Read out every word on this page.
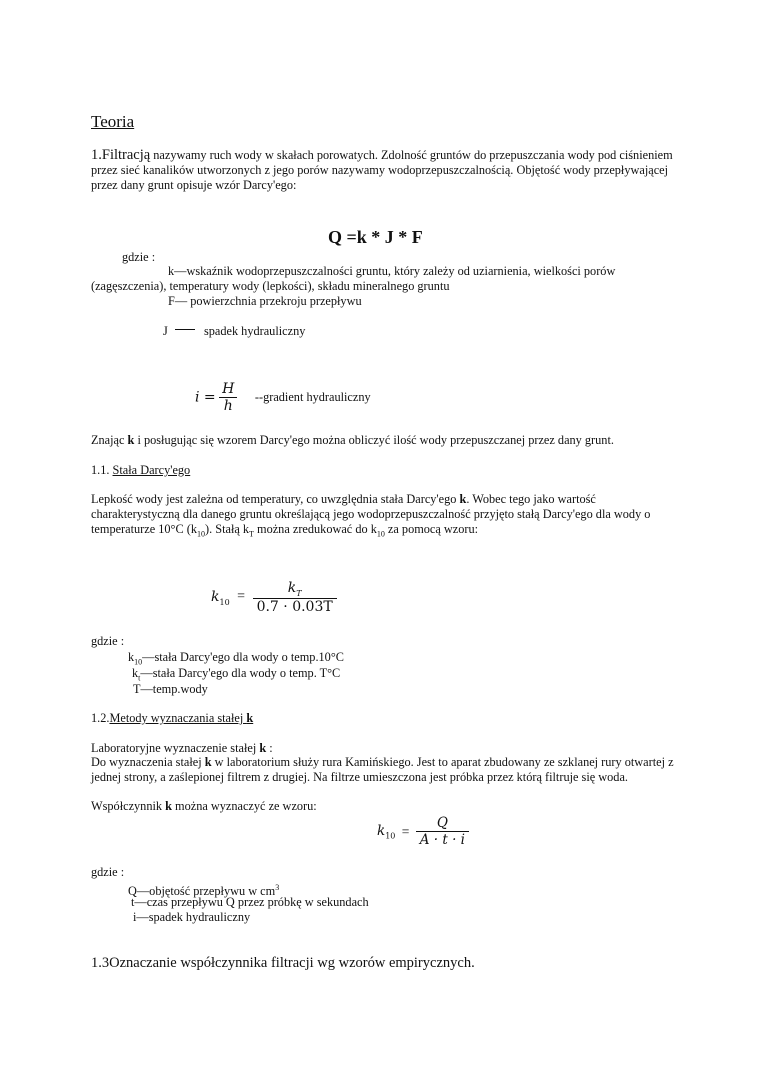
Teoria
1.Filtracją nazywamy ruch wody w skałach porowatych. Zdolność gruntów do przepuszczania wody pod ciśnieniem przez sieć kanalików utworzonych z jego porów nazywamy wodoprzepuszczalnością. Objętość wody przepływającej przez dany grunt opisuje wzór Darcy'ego:
Q =k * J * F
gdzie :
k—wskaźnik wodoprzepuszczalności gruntu, który zależy od uziarnienia, wielkości porów
(zagęszczenia), temperatury wody (lepkości), składu mineralnego gruntu
F— powierzchnia przekroju przepływu
J	spadek hydrauliczny
$i = \frac{H}{h}$ --gradient hydrauliczny
Znając k i posługując się wzorem Darcy'ego można obliczyć ilość wody przepuszczanej przez dany grunt.
1.1. Stała Darcy'ego
Lepkość wody jest zależna od temperatury, co uwzględnia stała Darcy'ego k. Wobec tego jako wartość charakterystyczną dla danego gruntu określającą jego wodoprzepuszczalność przyjęto stałą Darcy'ego dla wody o temperaturze 10°C $(k_{10})$. Stałą $k_T$ można zredukować do $k_{10}$ za pomocą wzoru:
$k_{10} = \frac{k_T}{0.7 \cdot 0.03T}$
gdzie :
$k_{10}—stała$ Darcy'ego dla wody o temp.10°C
$k_t—stała$ Darcy'ego dla wody o temp. T°C
T—temp.wody
1.2.Metody wyznaczania stałej k
Laboratoryjne wyznaczenie stałej k :
Do wyznaczenia stałej k w laboratorium służy rura Kamińskiego. Jest to aparat zbudowany ze szklanej rury otwartej z jednej strony, a zaślepionej filtrem z drugiej. Na filtrze umieszczona jest próbka przez którą filtruje się woda.
Współczynnik k można wyznaczyć ze wzoru:
$k_{10} = \frac{Q}{A \cdot t \cdot i}$
gdzie :
Q—objętość przepływu w $cm^3$
t—czas przepływu Q przez próbkę w sekundach
i—spadek hydrauliczny
1.3Oznaczanie współczynnika filtracji wg wzorów empirycznych.
